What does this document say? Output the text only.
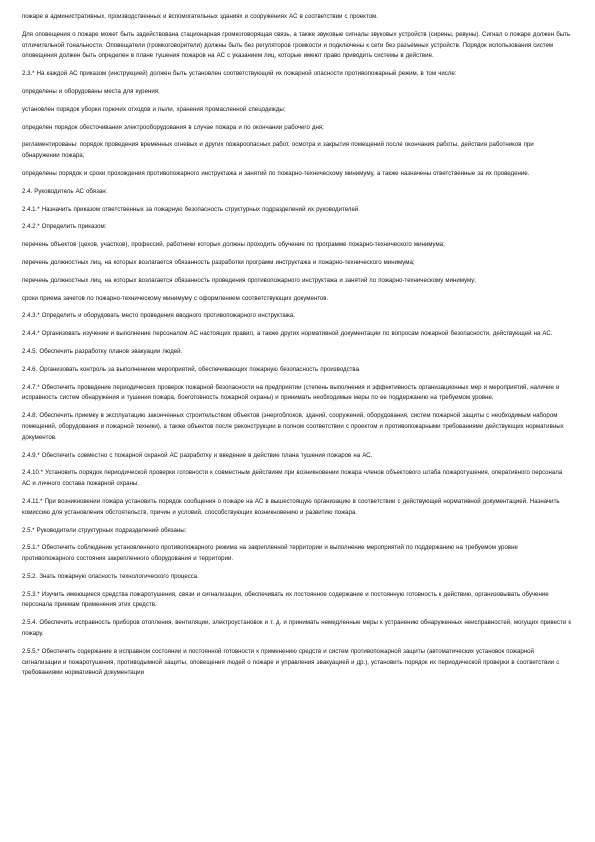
пожаре в административных, производственных и вспомогательных зданиях и сооружениях АС в соответствии с проектом.

Для оповещения о пожаре может быть задействована стационарная громкоговорящая связь, а также звуковые сигналы звуковых устройств (сирены, ревуны). Сигнал о пожаре должен быть отличительной тональности. Оповещатели (громкоговорители) должны быть без регуляторов громкости и подключены к сети без разъемных устройств. Порядок использования систем оповещения должен быть определен в плане тушения пожаров на АС с указанием лиц, которые имеют право приводить системы в действие.

2.3.* На каждой АС приказом (инструкцией) должен быть установлен соответствующий их пожарной опасности противопожарный режим, в том числе:

определены и оборудованы места для курения;

установлен порядок уборки горючих отходов и пыли, хранения промасленной спецодежды;

определен порядок обесточивания электрооборудования в случае пожара и по окончании рабочего дня;

регламентированы: порядок проведения временных огневых и других пожароопасных работ, осмотра и закрытия помещений после окончания работы, действия работников при обнаружении пожара;

определены порядок и сроки прохождения противопожарного инструктажа и занятий по пожарно-техническому минимуму, а также назначены ответственные за их проведение.

2.4. Руководитель АС обязан:

2.4.1.* Назначить приказом ответственных за пожарную безопасность структурных подразделений их руководителей.

2.4.2.* Определить приказом:

перечень объектов (цехов, участков), профессий, работники которых должны проходить обучение по программе пожарно-технического минимума;

перечень должностных лиц, на которых возлагается обязанность разработки программ инструктажа и пожарно-технического минимума;

перечень должностных лиц, на которых возлагается обязанность проведения противопожарного инструктажа и занятий по пожарно-техническому минимуму;

сроки приема зачетов по пожарно-техническому минимуму с оформлением соответствующих документов.

2.4.3.* Определить и оборудовать место проведения вводного противопожарного инструктажа.

2.4.4.* Организовать изучение и выполнение персоналом АС настоящих правил, а также других нормативной документации по вопросам пожарной безопасности, действующей на АС.

2.4.5. Обеспечить разработку планов эвакуации людей.

2.4.6. Организовать контроль за выполнением мероприятий, обеспечивающих пожарную безопасность производства.

2.4.7.* Обеспечить проведение периодических проверок пожарной безопасности на предприятии (степень выполнения и эффективность организационных мер и мероприятий, наличие и исправность систем обнаружения и тушения пожара, боеготовность пожарной охраны) и принимать необходимые меры по ее поддержанию на требуемом уровне.

2.4.8. Обеспечить приемку в эксплуатацию законченных строительством объектов (энергоблоков, зданий, сооружений, оборудования, систем пожарной защиты с необходимым набором помещений, оборудования и пожарной техники), а также объектов после реконструкции в полном соответствии с проектом и противопожарными требованиями действующих нормативных документов.

2.4.9.* Обеспечить совместно с пожарной охраной АС разработку и введение в действие плана тушения пожаров на АС.

2.4.10.* Установить порядок периодической проверки готовности к совместным действиям при возникновении пожара членов объектового штаба пожаротушения, оперативного персонала АС и личного состава пожарной охраны.

2.4.11.* При возникновении пожара установить порядок сообщения о пожаре на АС в вышестоящую организацию в соответствии с действующей нормативной документацией. Назначить комиссию для установления обстоятельств, причин и условий, способствующих возникновению и развитию пожара.

2.5.* Руководители структурных подразделений обязаны:

2.5.1.* Обеспечить соблюдение установленного противопожарного режима на закрепленной территории и выполнение мероприятий по поддержанию на требуемом уровне противопожарного состояния закрепленного оборудования и территории.

2.5.2. Знать пожарную опасность технологического процесса.

2.5.3.* Изучить имеющиеся средства пожаротушения, связи и сигнализации, обеспечивать их постоянное содержание и постоянную готовность к действию, организовывать обучение персонала приемам применения этих средств.

2.5.4. Обеспечить исправность приборов отопления, вентиляции, электроустановок и т. д. и принимать немедленные меры к устранению обнаруженных неисправностей, могущих привести к пожару.

2.5.5.* Обеспечить содержание в исправном состоянии и постоянной готовности к применению средств и систем противопожарной защиты (автоматических установок пожарной сигнализации и пожаротушения, противодымной защиты, оповещения людей о пожаре и управления эвакуацией и др.), установить порядок их периодической проверки в соответствии с требованиями нормативной документации
